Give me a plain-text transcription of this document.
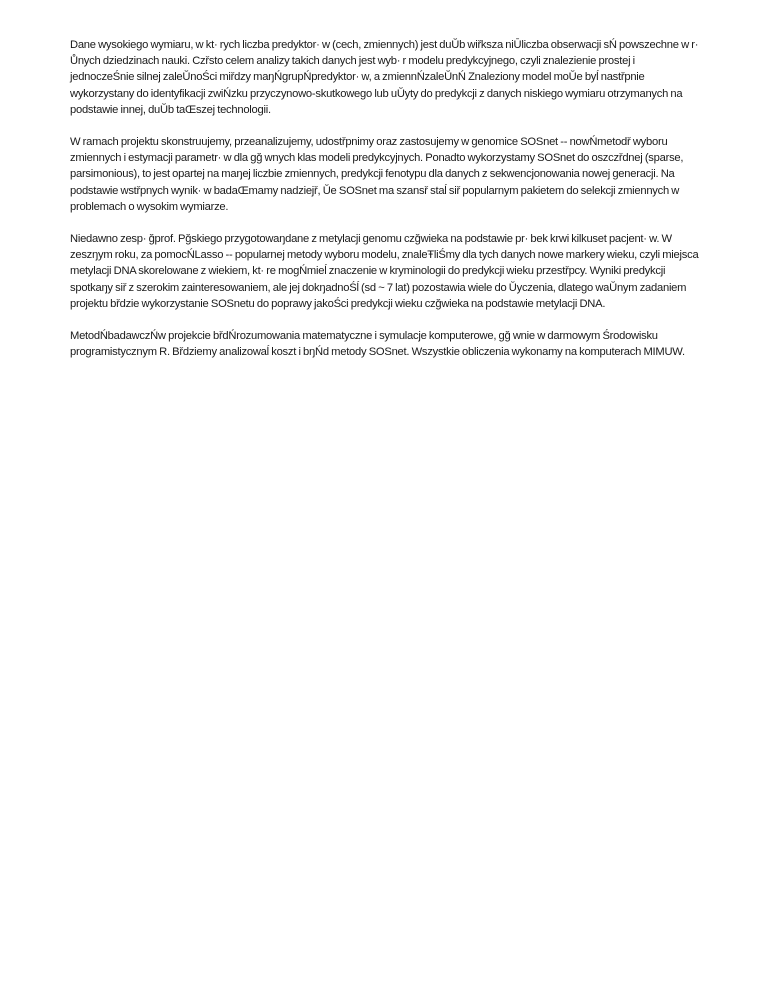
Dane wysokiego wymiaru, w kt· rych liczba predyktor· w (cech, zmiennych) jest duŬb wiřksza niŪliczba obserwacji sŃ powszechne w r· Ůnych dziedzinach nauki. Czřsto celem analizy takich danych jest wyb· r modelu predykcyjnego, czyli znalezienie prostej i jednoczeŚnie silnej zaleŬnoŚci miřdzy maŋŃgrupŃpredyktor· w, a zmiennŃzaleŬnŃ Znaleziony model moŬe byĺ nastřpnie wykorzystany do identyfikacji zwiŃzku przyczynowo-skutkowego lub uŬyty do predykcji z danych niskiego wymiaru otrzymanych na podstawie innej, duŬb taŒszej technologii.

W ramach projektu skonstruujemy, przeanalizujemy, udostřpnimy oraz zastosujemy w genomice SOSnet -- nowŃmetodř wyboru zmiennych i estymacji parametr· w dla gğ wnych klas modeli predykcyjnych. Ponadto wykorzystamy SOSnet do oszczřdnej (sparse, parsimonious), to jest opartej na maŋej liczbie zmiennych, predykcji fenotypu dla danych z sekwencjonowania nowej generacji. Na podstawie wstřpnych wynik· w badaŒmamy nadziejř, Ŭe SOSnet ma szansř staĺ siř popularnym pakietem do selekcji zmiennych w problemach o wysokim wymiarze.

Niedawno zesp· ğprof. Pğskiego przygotowaŋdane z metylacji genomu czğwieka na podstawie pr· bek krwi kilkuset pacjent· w. W zeszŋym roku, za pomocŃLasso -- popularnej metody wyboru modelu, znaleŦliŚmy dla tych danych nowe markery wieku, czyli miejsca metylacji DNA skorelowane z wiekiem, kt· re mogŃmieĺ znaczenie w kryminologii do predykcji wieku przestřpcy. Wyniki predykcji spotkaŋy siř z szerokim zainteresowaniem, ale jej dokŋadnoŚĺ (sd ~ 7 lat) pozostawia wiele do Ŭyczenia, dlatego waŬnym zadaniem projektu břdzie wykorzystanie SOSnetu do poprawy jakoŚci predykcji wieku czğwieka na podstawie metylacji DNA.

MetodŃbadawczŃw projekcie břdŃrozumowania matematyczne i symulacje komputerowe, gğ wnie w darmowym Środowisku programistycznym R. Břdziemy analizowaĺ koszt i bŋŃd metody SOSnet. Wszystkie obliczenia wykonamy na komputerach MIMUW.
